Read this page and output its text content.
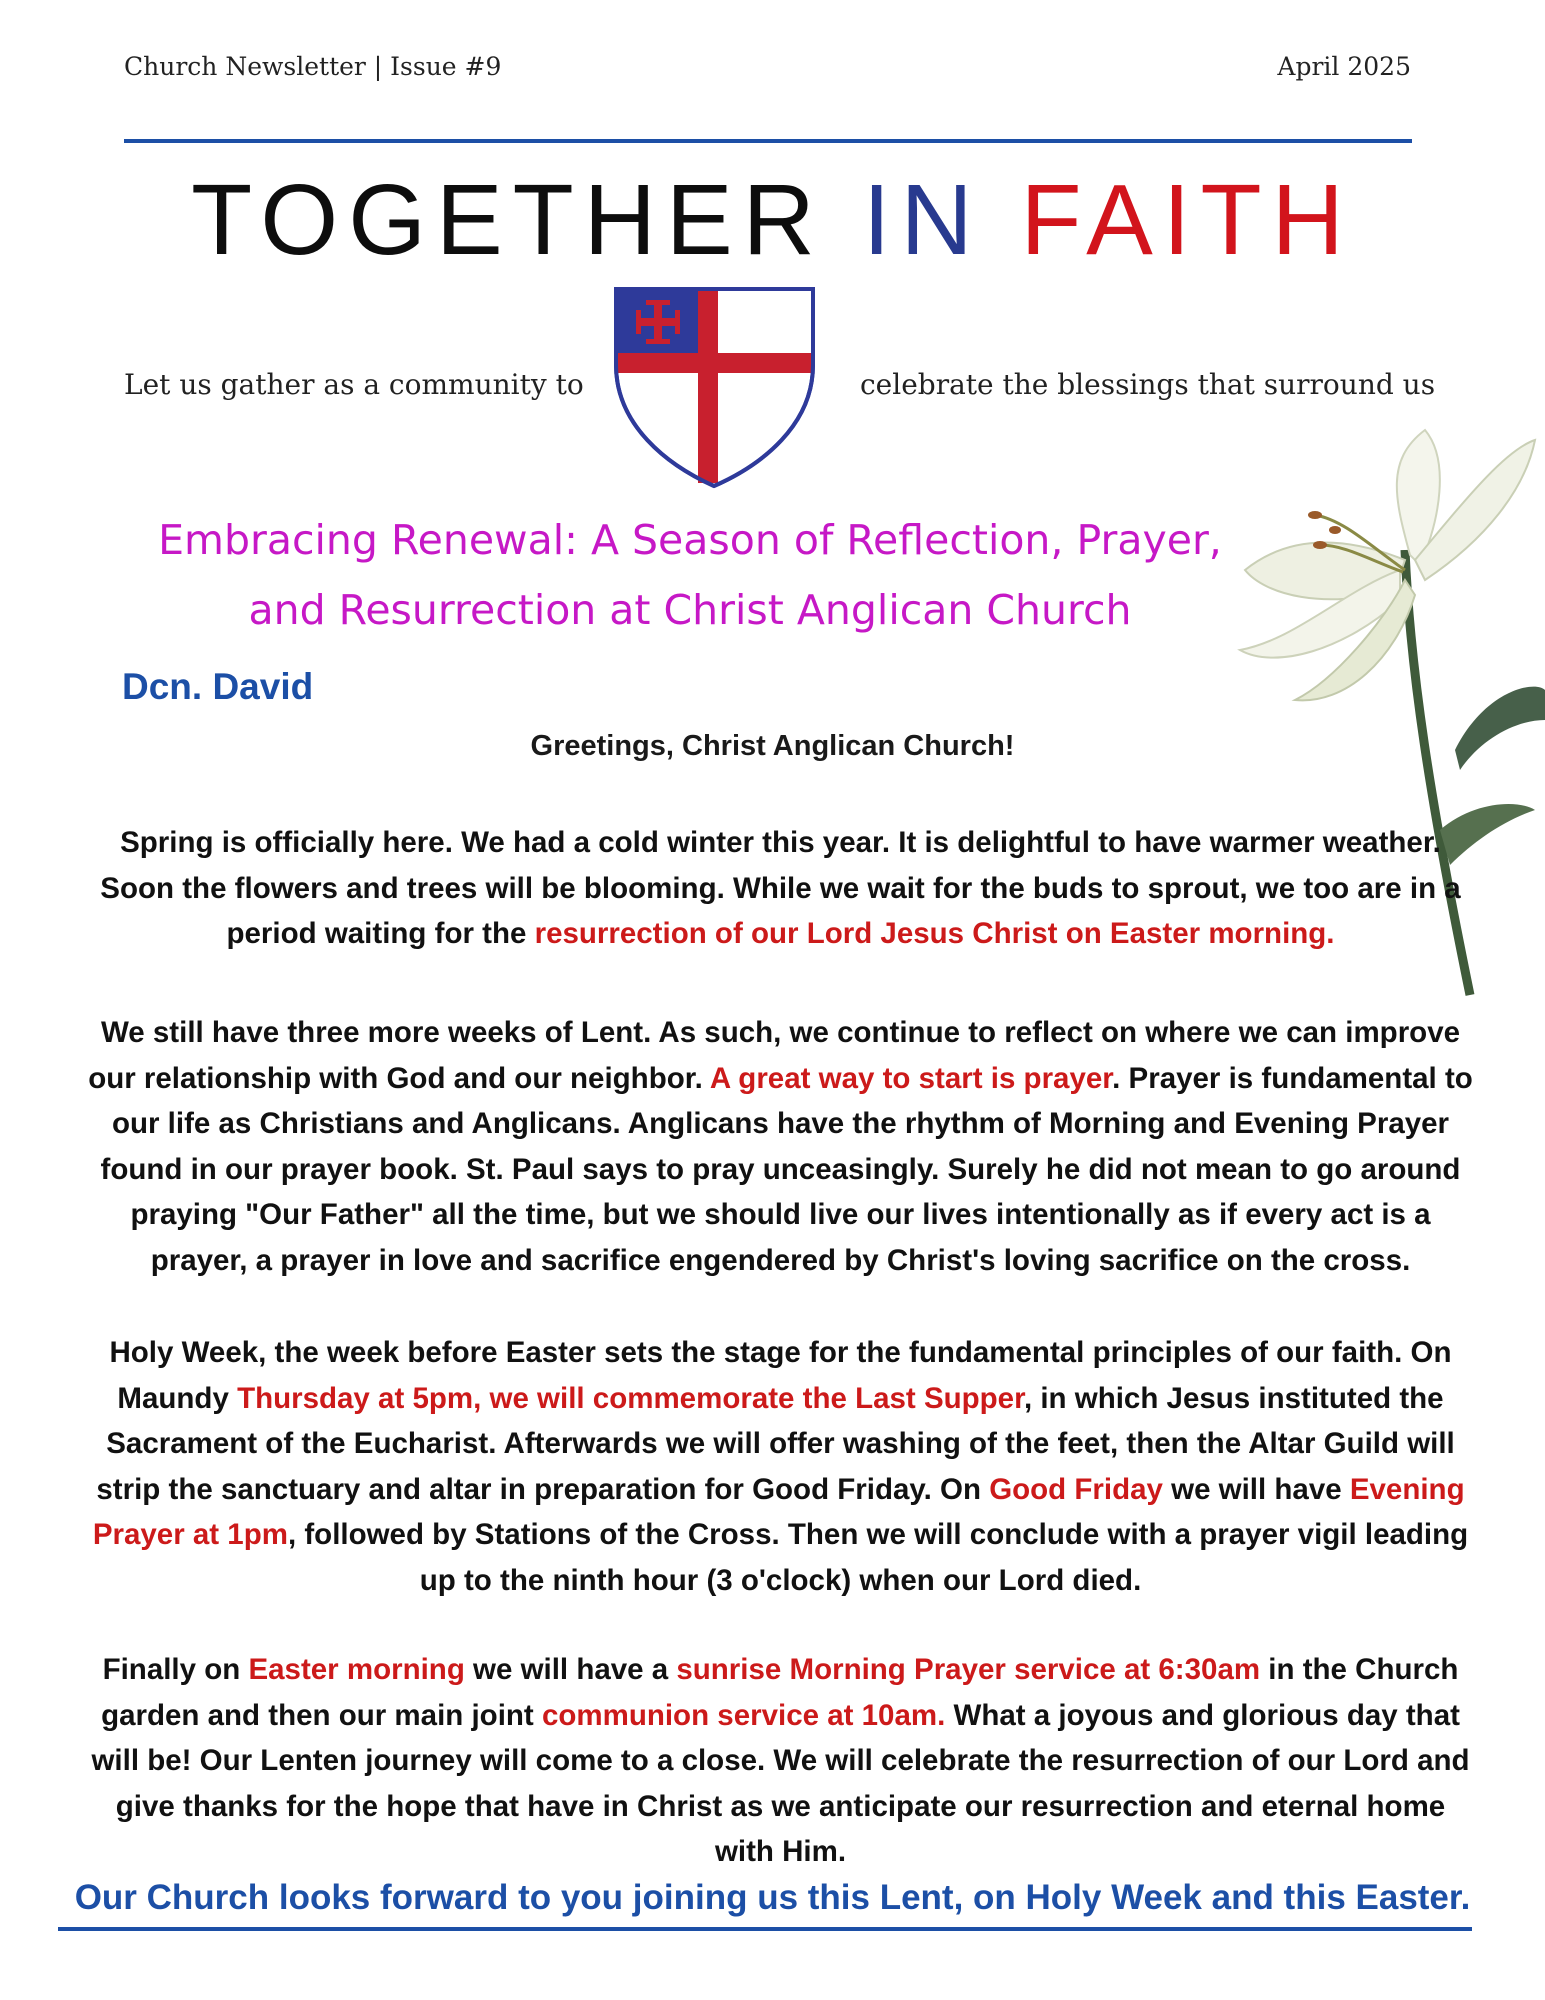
Church Newsletter | Issue #9	April 2025
TOGETHER IN FAITH
Let us gather as a community to	celebrate the blessings that surround us

Embracing Renewal: A Season of Reflection, Prayer,

and Resurrection at Christ Anglican Church

Dcn. David
Greetings, Christ Anglican Church!

Spring is officially here. We had a cold winter this year. It is delightful to have warmer weather. Soon the flowers and trees will be blooming. While we wait for the buds to sprout, we too are in a period waiting for the resurrection of our Lord Jesus Christ on Easter morning.

We still have three more weeks of Lent. As such, we continue to reflect on where we can improve our relationship with God and our neighbor. A great way to start is prayer. Prayer is fundamental to our life as Christians and Anglicans. Anglicans have the rhythm of Morning and Evening Prayer found in our prayer book. St. Paul says to pray unceasingly. Surely he did not mean to go around praying "Our Father" all the time, but we should live our lives intentionally as if every act is a prayer, a prayer in love and sacrifice engendered by Christ's loving sacrifice on the cross.

Holy Week, the week before Easter sets the stage for the fundamental principles of our faith. On Maundy Thursday at 5pm, we will commemorate the Last Supper, in which Jesus instituted the Sacrament of the Eucharist. Afterwards we will offer washing of the feet, then the Altar Guild will strip the sanctuary and altar in preparation for Good Friday. On Good Friday we will have Evening Prayer at 1pm, followed by Stations of the Cross. Then we will conclude with a prayer vigil leading up to the ninth hour (3 o'clock) when our Lord died.

Finally on Easter morning we will have a sunrise Morning Prayer service at 6:30am in the Church garden and then our main joint communion service at 10am. What a joyous and glorious day that will be! Our Lenten journey will come to a close. We will celebrate the resurrection of our Lord and give thanks for the hope that have in Christ as we anticipate our resurrection and eternal home with Him.

Our Church looks forward to you joining us this Lent, on Holy Week and this Easter.
